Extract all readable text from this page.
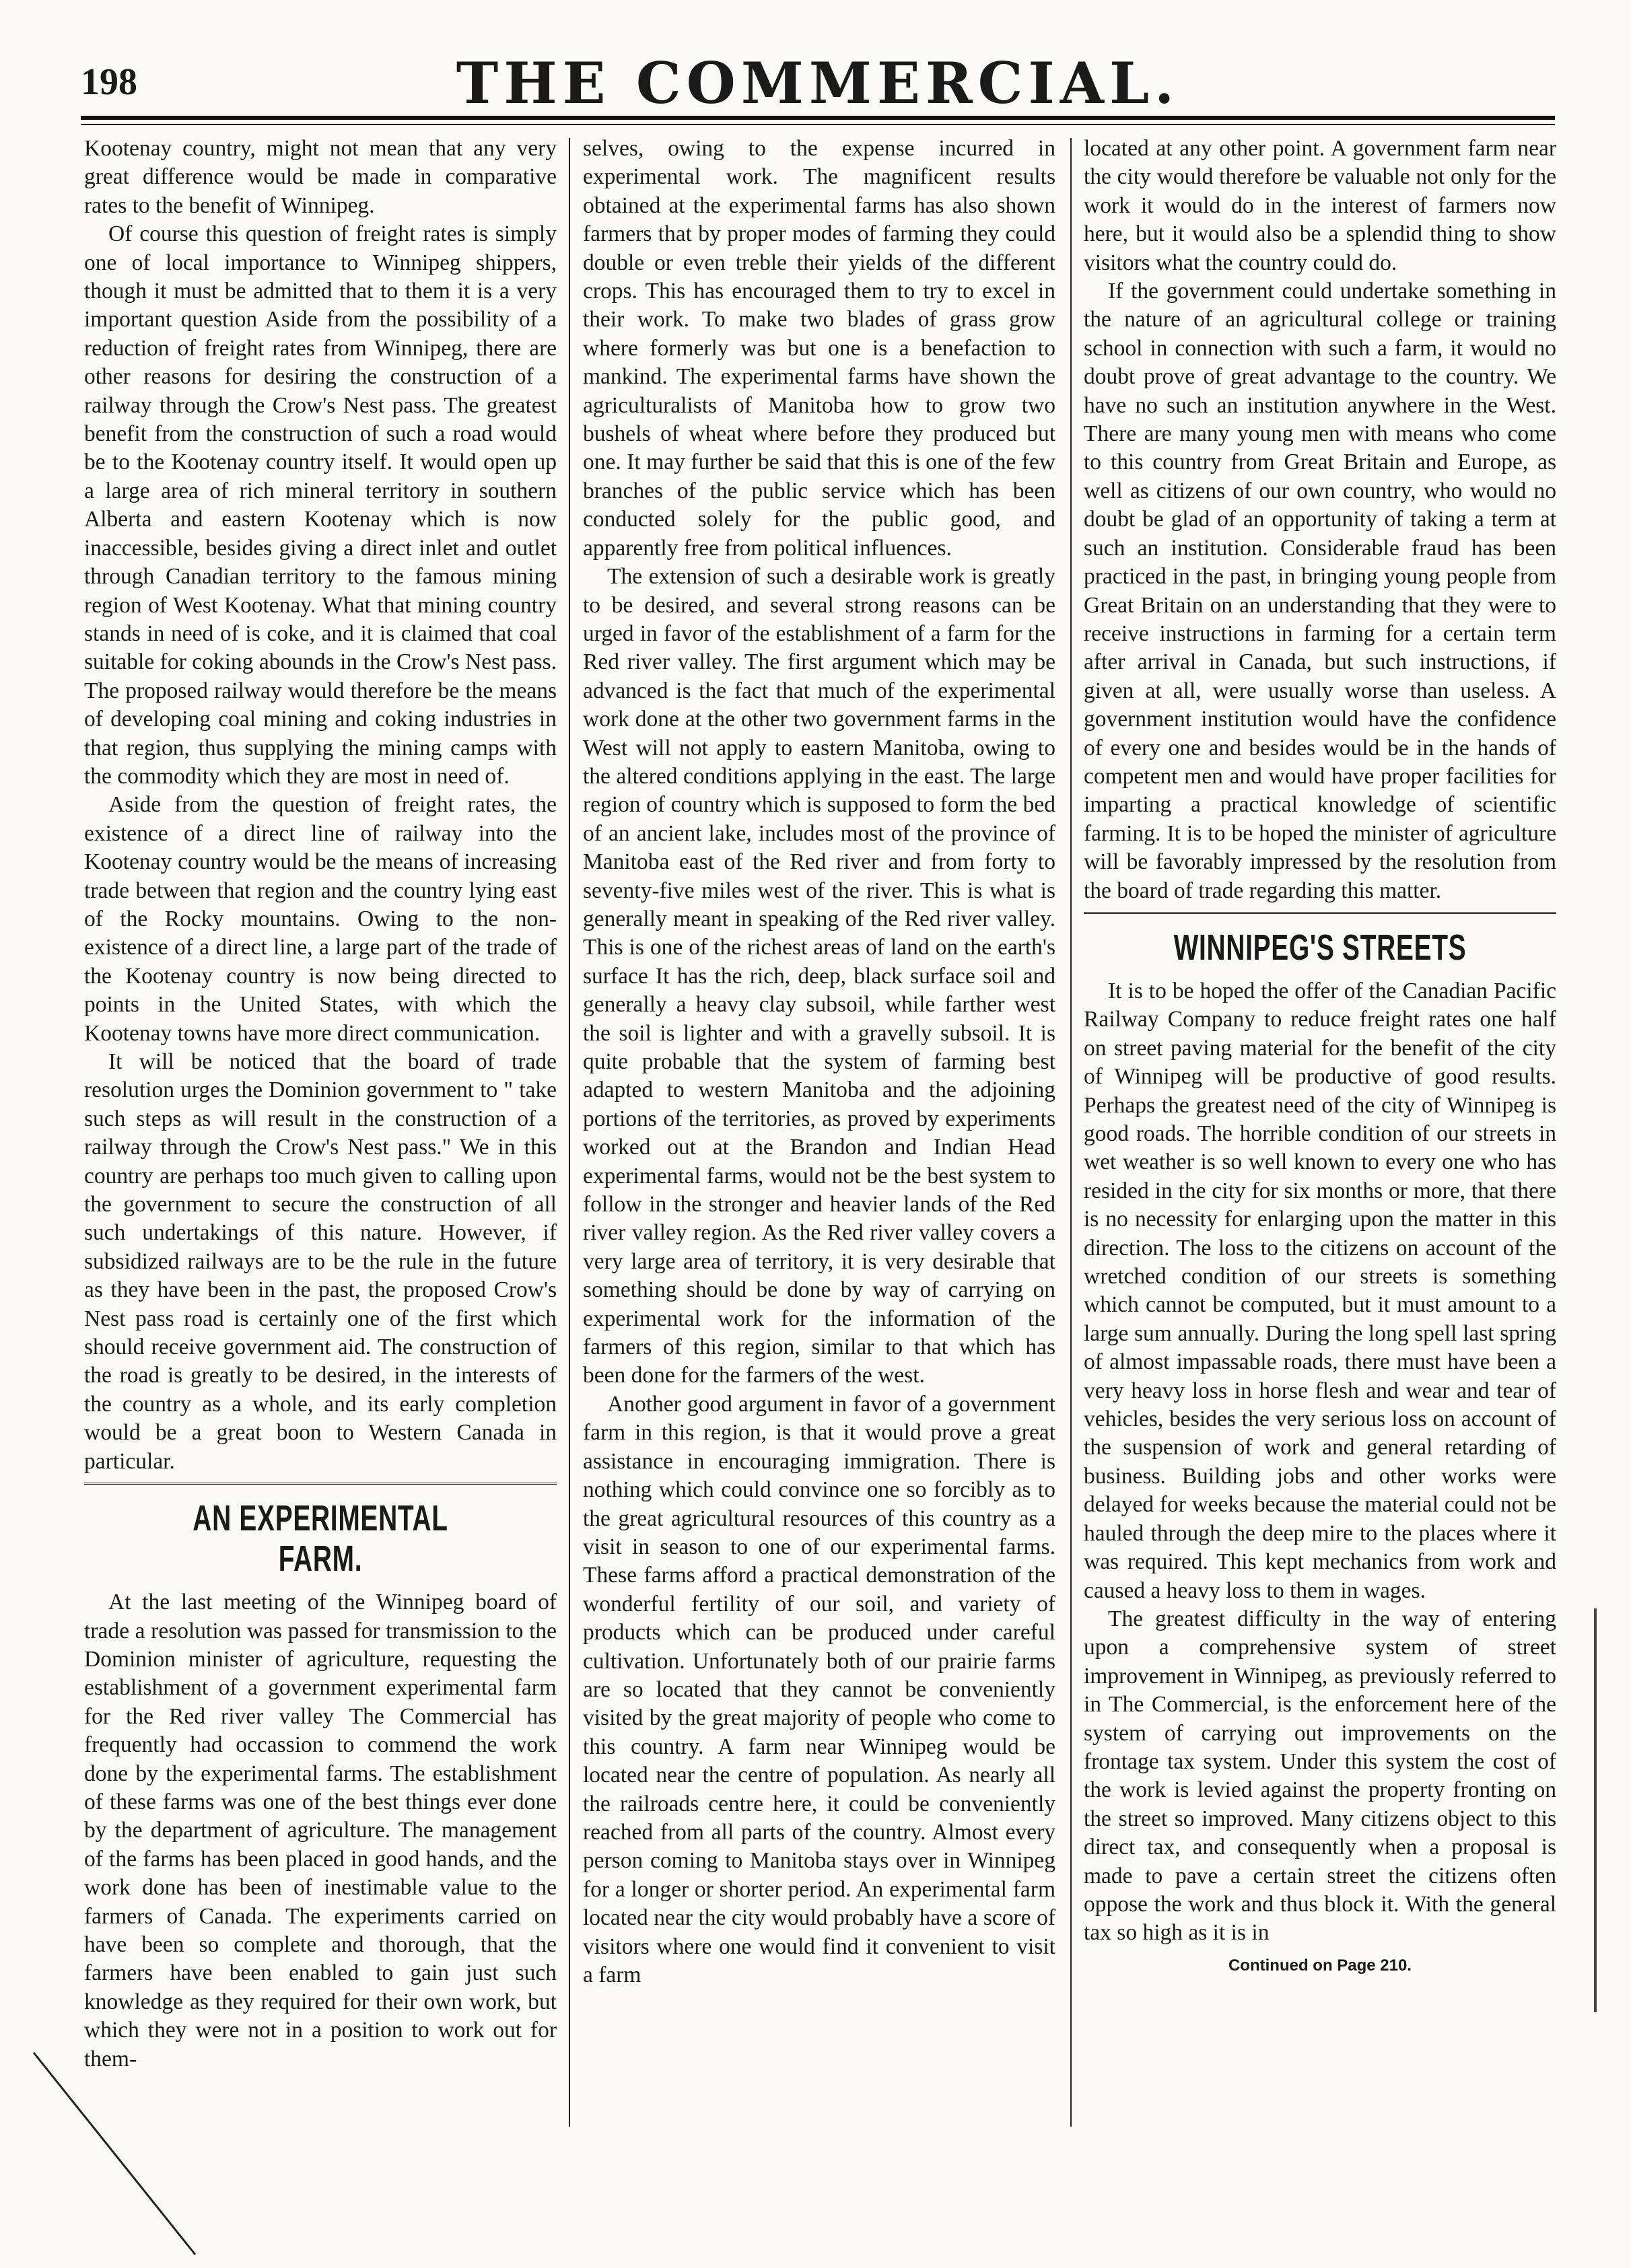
198	THE COMMERCIAL.

Kootenay country, might not mean that any very great difference would be made in comparative rates to the benefit of Winnipeg.

Of course this question of freight rates is simply one of local importance to Winnipeg shippers, though it must be admitted that to them it is a very important question Aside from the possibility of a reduction of freight rates from Winnipeg, there are other reasons for desiring the construction of a railway through the Crow's Nest pass. The greatest benefit from the construction of such a road would be to the Kootenay country itself. It would open up a large area of rich mineral territory in southern Alberta and eastern Kootenay which is now inaccessible, besides giving a direct inlet and outlet through Canadian territory to the famous mining region of West Kootenay. What that mining country stands in need of is coke, and it is claimed that coal suitable for coking abounds in the Crow's Nest pass. The proposed railway would therefore be the means of developing coal mining and coking industries in that region, thus supplying the mining camps with the commodity which they are most in need of.

Aside from the question of freight rates, the existence of a direct line of railway into the Kootenay country would be the means of increasing trade between that region and the country lying east of the Rocky mountains. Owing to the non-existence of a direct line, a large part of the trade of the Kootenay country is now being directed to points in the United States, with which the Kootenay towns have more direct communication.

It will be noticed that the board of trade resolution urges the Dominion government to " take such steps as will result in the construction of a railway through the Crow's Nest pass." We in this country are perhaps too much given to calling upon the government to secure the construction of all such undertakings of this nature. However, if subsidized railways are to be the rule in the future as they have been in the past, the proposed Crow's Nest pass road is certainly one of the first which should receive government aid. The construction of the road is greatly to be desired, in the interests of the country as a whole, and its early completion would be a great boon to Western Canada in particular.

AN EXPERIMENTAL FARM.

At the last meeting of the Winnipeg board of trade a resolution was passed for transmission to the Dominion minister of agriculture, requesting the establishment of a government experimental farm for the Red river valley The Commercial has frequently had occassion to commend the work done by the experimental farms. The establishment of these farms was one of the best things ever done by the department of agriculture. The management of the farms has been placed in good hands, and the work done has been of inestimable value to the farmers of Canada. The experiments carried on have been so complete and thorough, that the farmers have been enabled to gain just such knowledge as they required for their own work, but which they were not in a position to work out for them-

selves, owing to the expense incurred in experimental work. The magnificent results obtained at the experimental farms has also shown farmers that by proper modes of farming they could double or even treble their yields of the different crops. This has encouraged them to try to excel in their work. To make two blades of grass grow where formerly was but one is a benefaction to mankind. The experimental farms have shown the agriculturalists of Manitoba how to grow two bushels of wheat where before they produced but one. It may further be said that this is one of the few branches of the public service which has been conducted solely for the public good, and apparently free from political influences.

The extension of such a desirable work is greatly to be desired, and several strong reasons can be urged in favor of the establishment of a farm for the Red river valley. The first argument which may be advanced is the fact that much of the experimental work done at the other two government farms in the West will not apply to eastern Manitoba, owing to the altered conditions applying in the east. The large region of country which is supposed to form the bed of an ancient lake, includes most of the province of Manitoba east of the Red river and from forty to seventy-five miles west of the river. This is what is generally meant in speaking of the Red river valley. This is one of the richest areas of land on the earth's surface It has the rich, deep, black surface soil and generally a heavy clay subsoil, while farther west the soil is lighter and with a gravelly subsoil. It is quite probable that the system of farming best adapted to western Manitoba and the adjoining portions of the territories, as proved by experiments worked out at the Brandon and Indian Head experimental farms, would not be the best system to follow in the stronger and heavier lands of the Red river valley region. As the Red river valley covers a very large area of territory, it is very desirable that something should be done by way of carrying on experimental work for the information of the farmers of this region, similar to that which has been done for the farmers of the west.

Another good argument in favor of a government farm in this region, is that it would prove a great assistance in encouraging immigration. There is nothing which could convince one so forcibly as to the great agricultural resources of this country as a visit in season to one of our experimental farms. These farms afford a practical demonstration of the wonderful fertility of our soil, and variety of products which can be produced under careful cultivation. Unfortunately both of our prairie farms are so located that they cannot be conveniently visited by the great majority of people who come to this country. A farm near Winnipeg would be located near the centre of population. As nearly all the railroads centre here, it could be conveniently reached from all parts of the country. Almost every person coming to Manitoba stays over in Winnipeg for a longer or shorter period. An experimental farm located near the city would probably have a score of visitors where one would find it convenient to visit a farm

located at any other point. A government farm near the city would therefore be valuable not only for the work it would do in the interest of farmers now here, but it would also be a splendid thing to show visitors what the country could do.

If the government could undertake something in the nature of an agricultural college or training school in connection with such a farm, it would no doubt prove of great advantage to the country. We have no such an institution anywhere in the West. There are many young men with means who come to this country from Great Britain and Europe, as well as citizens of our own country, who would no doubt be glad of an opportunity of taking a term at such an institution. Considerable fraud has been practiced in the past, in bringing young people from Great Britain on an understanding that they were to receive instructions in farming for a certain term after arrival in Canada, but such instructions, if given at all, were usually worse than useless. A government institution would have the confidence of every one and besides would be in the hands of competent men and would have proper facilities for imparting a practical knowledge of scientific farming. It is to be hoped the minister of agriculture will be favorably impressed by the resolution from the board of trade regarding this matter.

WINNIPEG'S STREETS

It is to be hoped the offer of the Canadian Pacific Railway Company to reduce freight rates one half on street paving material for the benefit of the city of Winnipeg will be productive of good results. Perhaps the greatest need of the city of Winnipeg is good roads. The horrible condition of our streets in wet weather is so well known to every one who has resided in the city for six months or more, that there is no necessity for enlarging upon the matter in this direction. The loss to the citizens on account of the wretched condition of our streets is something which cannot be computed, but it must amount to a large sum annually. During the long spell last spring of almost impassable roads, there must have been a very heavy loss in horse flesh and wear and tear of vehicles, besides the very serious loss on account of the suspension of work and general retarding of business. Building jobs and other works were delayed for weeks because the material could not be hauled through the deep mire to the places where it was required. This kept mechanics from work and caused a heavy loss to them in wages.

The greatest difficulty in the way of entering upon a comprehensive system of street improvement in Winnipeg, as previously referred to in The Commercial, is the enforcement here of the system of carrying out improvements on the frontage tax system. Under this system the cost of the work is levied against the property fronting on the street so improved. Many citizens object to this direct tax, and consequently when a proposal is made to pave a certain street the citizens often oppose the work and thus block it. With the general tax so high as it is in

Continued on Page 210.
